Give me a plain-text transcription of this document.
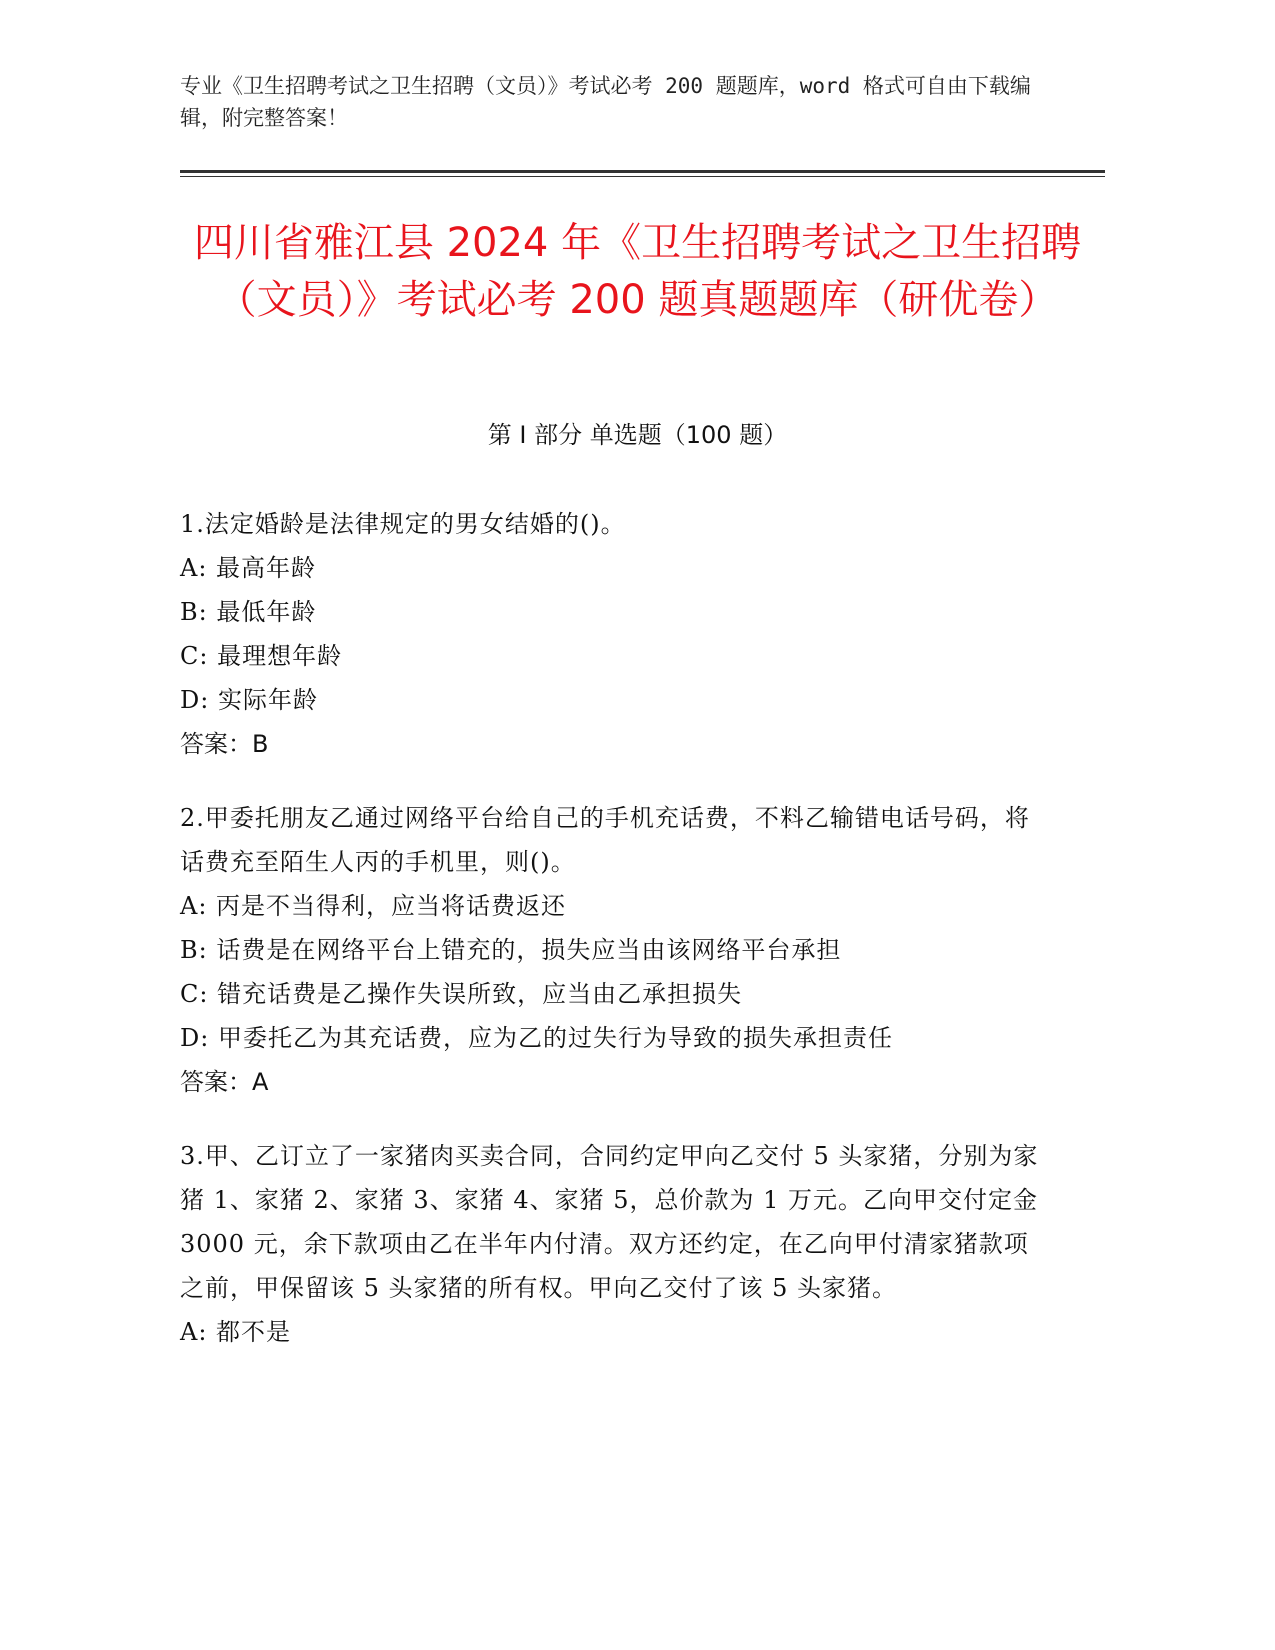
专业《卫生招聘考试之卫生招聘（文员）》考试必考 200 题题库，word 格式可自由下载编辑，附完整答案！
四川省雅江县 2024 年《卫生招聘考试之卫生招聘（文员）》考试必考 200 题真题题库（研优卷）
第 I 部分 单选题（100 题）
1.法定婚龄是法律规定的男女结婚的()。
A: 最高年龄
B: 最低年龄
C: 最理想年龄
D: 实际年龄
答案：B
2.甲委托朋友乙通过网络平台给自己的手机充话费，不料乙输错电话号码，将话费充至陌生人丙的手机里，则()。
A: 丙是不当得利，应当将话费返还
B: 话费是在网络平台上错充的，损失应当由该网络平台承担
C: 错充话费是乙操作失误所致，应当由乙承担损失
D: 甲委托乙为其充话费，应为乙的过失行为导致的损失承担责任
答案：A
3.甲、乙订立了一家猪肉买卖合同，合同约定甲向乙交付 5 头家猪，分别为家猪 1、家猪 2、家猪 3、家猪 4、家猪 5，总价款为 1 万元。乙向甲交付定金 3000 元，余下款项由乙在半年内付清。双方还约定，在乙向甲付清家猪款项之前，甲保留该 5 头家猪的所有权。甲向乙交付了该 5 头家猪。
A: 都不是
